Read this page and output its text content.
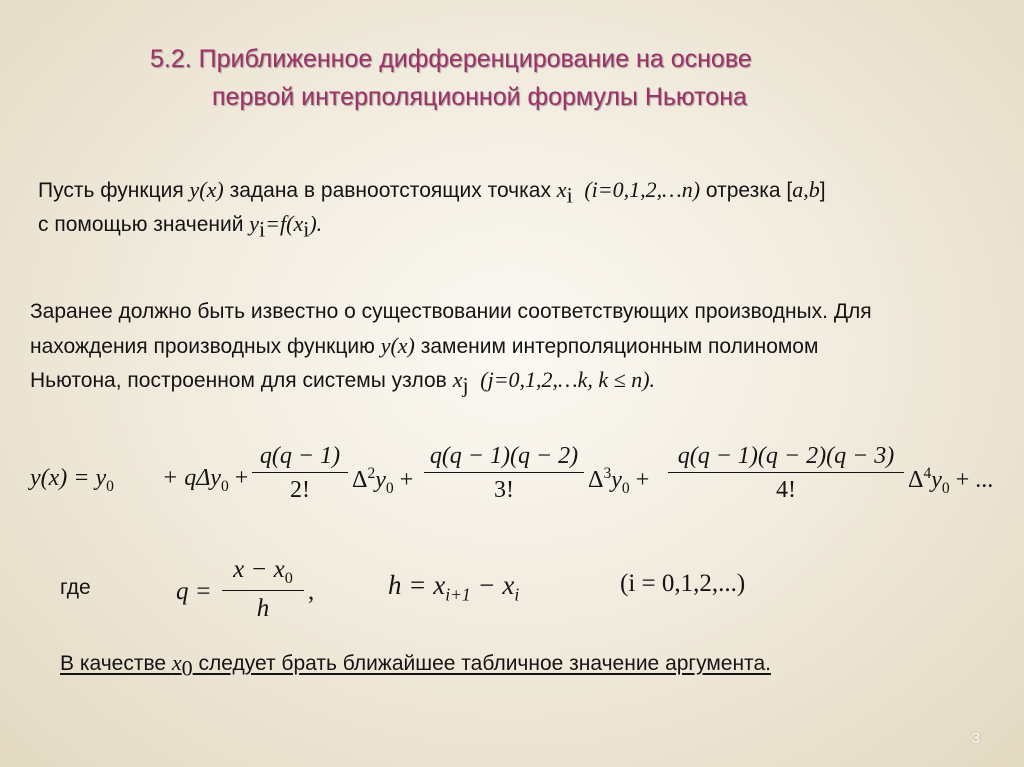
5.2. Приближенное дифференцирование на основе
первой интерполяционной формулы Ньютона
Пусть функция y(x) задана в равноотстоящих точках $x_i$ (i=0,1,2,…n) отрезка [a,b]
с помощью значений $y_i=f(x_i)$.
Заранее должно быть известно о существовании соответствующих производных. Для
нахождения производных функцию y(x) заменим интерполяционным полиномом
Ньютона, построенном для системы узлов $x_j$ (j=0,1,2,…k, k ≤ n).
$y(x) = y_0 + q\Delta y_0 + \frac{q(q - 1)}{2!} \Delta^2y_0 + \frac{q(q - 1)(q - 2)}{3!} \Delta^3y_0 + \frac{q(q - 1)(q - 2)(q - 3)}{4!} \Delta^4y_0$ + ...
где	$q = \frac{x - x_0}{h}$ ,	$h = x_{i+1} - x_i$	(i = 0,1,2,...)
В качестве $x_0$ следует брать ближайшее табличное значение аргумента.
3
